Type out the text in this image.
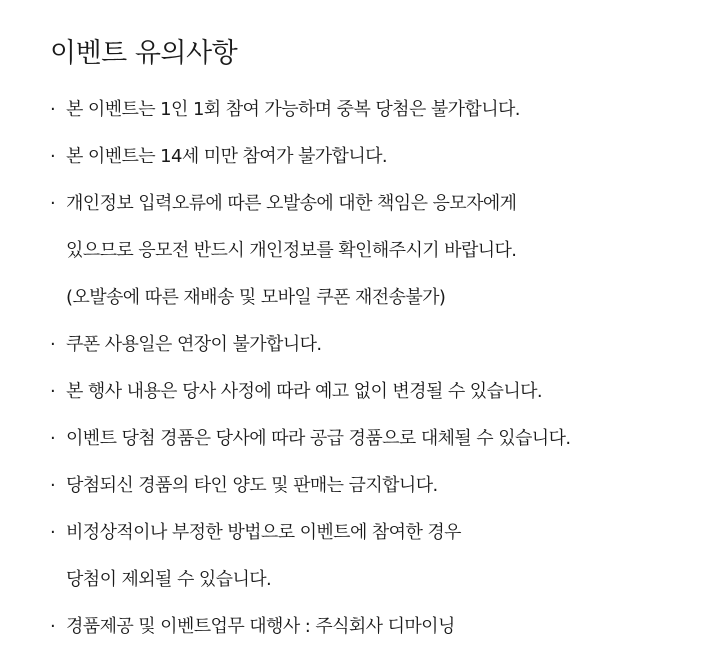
이벤트 유의사항
· 본 이벤트는 1인 1회 참여 가능하며 중복 당첨은 불가합니다.
· 본 이벤트는 14세 미만 참여가 불가합니다.
· 개인정보 입력오류에 따른 오발송에 대한 책임은 응모자에게
있으므로 응모전 반드시 개인정보를 확인해주시기 바랍니다.
(오발송에 따른 재배송 및 모바일 쿠폰 재전송불가)
· 쿠폰 사용일은 연장이 불가합니다.
· 본 행사 내용은 당사 사정에 따라 예고 없이 변경될 수 있습니다.
· 이벤트 당첨 경품은 당사에 따라 공급 경품으로 대체될 수 있습니다.
· 당첨되신 경품의 타인 양도 및 판매는 금지합니다.
· 비정상적이나 부정한 방법으로 이벤트에 참여한 경우
당첨이 제외될 수 있습니다.
· 경품제공 및 이벤트업무 대행사 : 주식회사 디마이닝
